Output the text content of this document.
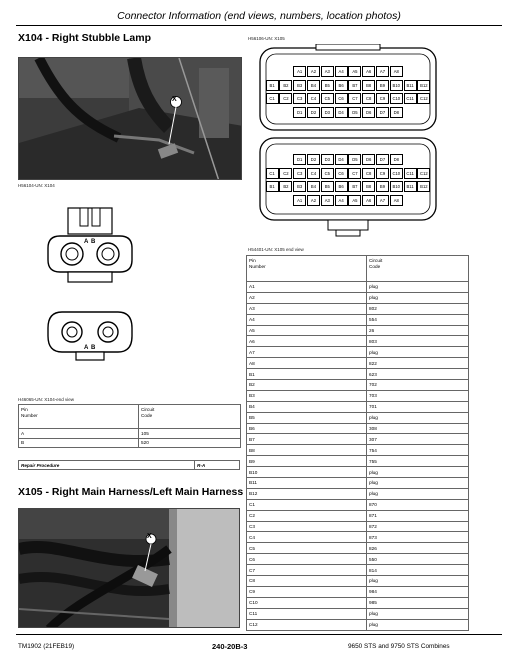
Connector Information (end views, numbers, location photos)
X104 - Right Stubble Lamp
X
H56104-UN: X104
A B
A B
H46065-UN: X104-end view
Pin
Number	Circuit
Code
A	105
B	520
Repair Procedure	R-A
X105 - Right Main Harness/Left Main Harness
X
H56106-UN: X105
A1	A2	A3	A4	A5	A6	A7	A8
B1	B2	B3	B4	B5	B6	B7	B8	B9	B10	B11	B12
C1	C2	C3	C4	C5	C6	C7	C8	C9	C10	C11	C12
D1	D2	D3	D4	D5	D6	D7	D8
D1	D2	D3	D4	D5	D6	D7	D8
C1	C2	C3	C4	C5	C6	C7	C8	C9	C10	C11	C12
B1	B2	B3	B4	B5	B6	B7	B8	B9	B10	B11	B12
A1	A2	A3	A4	A5	A6	A7	A8
H54401-UN: X105 end view
Pin
Number	Circuit
Code
A1	plug
A2	plug
A3	802
A4	554
A5	26
A6	803
A7	plug
A8	822
B1	623
B2	702
B3	703
B4	701
B5	plug
B6	308
B7	307
B8	754
B9	755
B10	plug
B11	plug
B12	plug
C1	870
C2	871
C3	872
C4	873
C5	826
C6	550
C7	814
C8	plug
C9	984
C10	985
C11	plug
C12	plug
TM1902 (21FEB19)	240-20B-3	9650 STS and 9750 STS Combines
